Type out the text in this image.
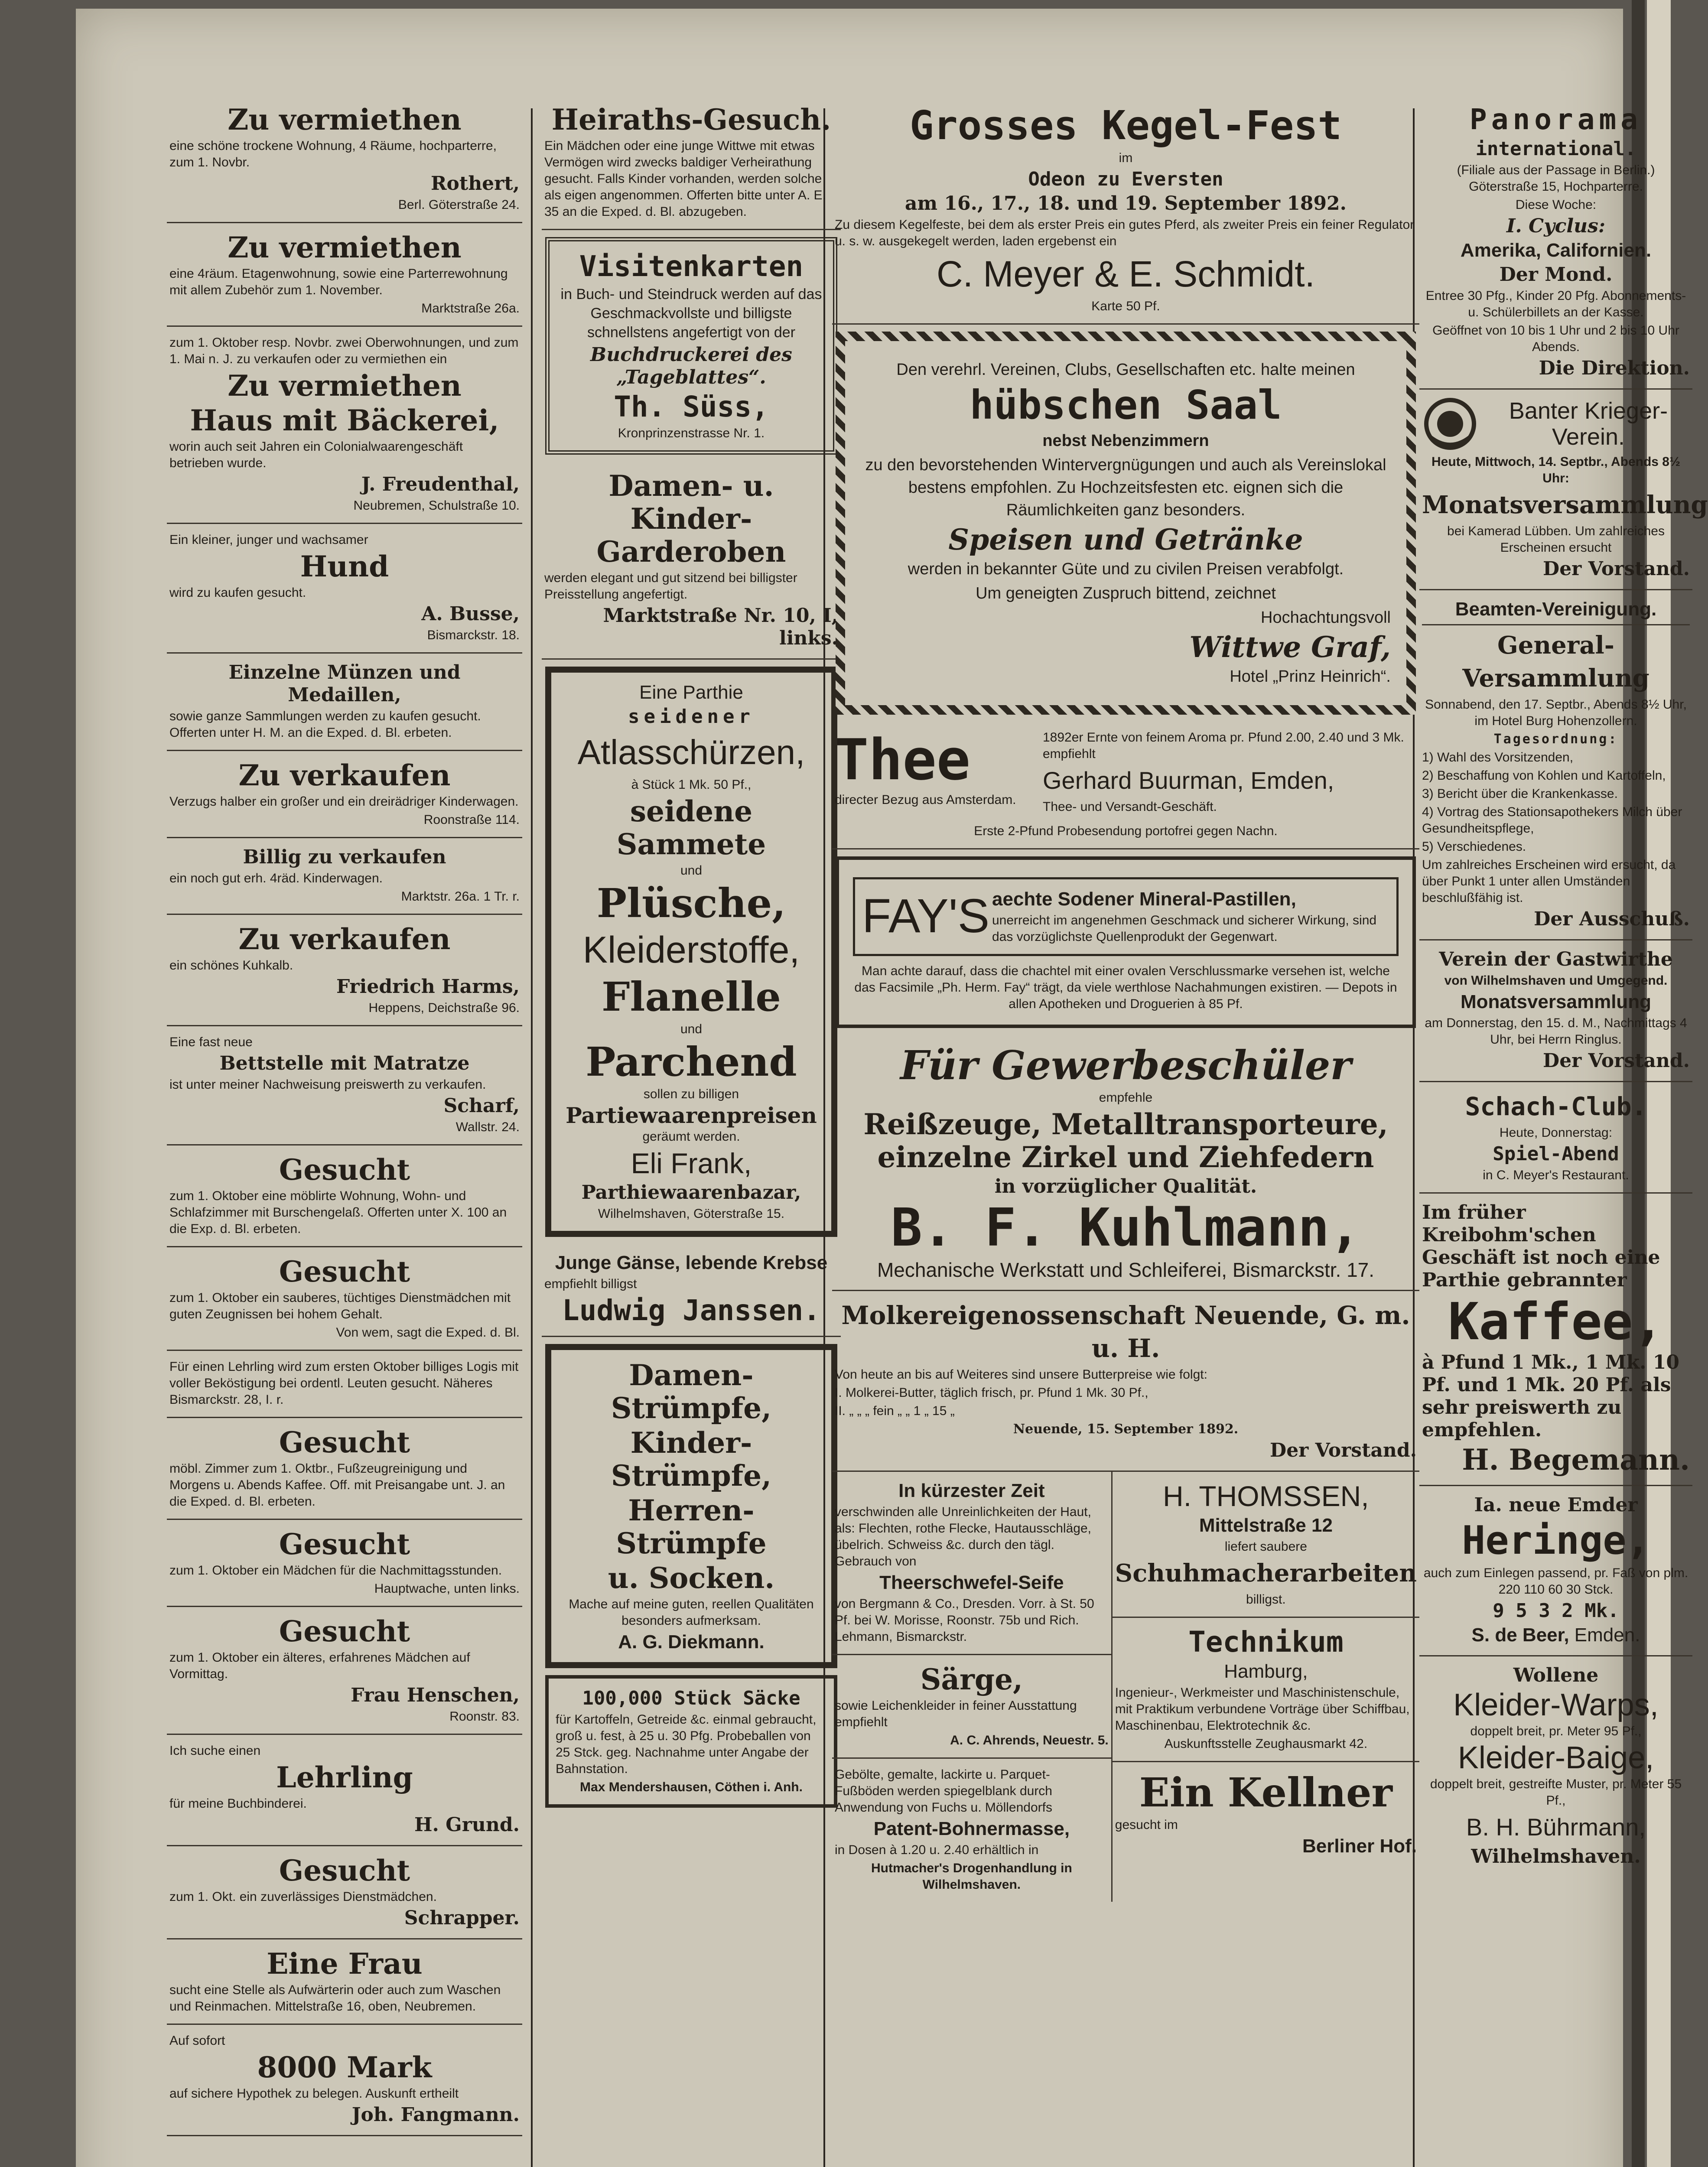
Zu vermiethen

eine schöne trockene Wohnung, 4 Räume, hochparterre, zum 1. Novbr.

Rothert,

Berl. Göterstraße 24.

Zu vermiethen

eine 4räum. Etagenwohnung, sowie eine Parterrewohnung mit allem Zubehör zum 1. November.

Marktstraße 26a.

zum 1. Oktober resp. Novbr. zwei Oberwohnungen, und zum 1. Mai n. J. zu verkaufen oder zu vermiethen ein

Zu vermiethen

Haus mit Bäckerei,

worin auch seit Jahren ein Colonialwaarengeschäft betrieben wurde.

J. Freudenthal,

Neubremen, Schulstraße 10.

Ein kleiner, junger und wachsamer

Hund

wird zu kaufen gesucht.

A. Busse,

Bismarckstr. 18.

Einzelne Münzen und Medaillen,

sowie ganze Sammlungen werden zu kaufen gesucht. Offerten unter H. M. an die Exped. d. Bl. erbeten.

Zu verkaufen

Verzugs halber ein großer und ein dreirädriger Kinderwagen.

Roonstraße 114.

Billig zu verkaufen

ein noch gut erh. 4räd. Kinderwagen.

Marktstr. 26a. 1 Tr. r.

Zu verkaufen

ein schönes Kuhkalb.

Friedrich Harms,

Heppens, Deichstraße 96.

Eine fast neue

Bettstelle mit Matratze

ist unter meiner Nachweisung preiswerth zu verkaufen.

Scharf,

Wallstr. 24.

Gesucht

zum 1. Oktober eine möblirte Wohnung, Wohn- und Schlafzimmer mit Burschengelaß. Offerten unter X. 100 an die Exp. d. Bl. erbeten.

Gesucht

zum 1. Oktober ein sauberes, tüchtiges Dienstmädchen mit guten Zeugnissen bei hohem Gehalt.

Von wem, sagt die Exped. d. Bl.

Für einen Lehrling wird zum ersten Oktober billiges Logis mit voller Beköstigung bei ordentl. Leuten gesucht. Näheres Bismarckstr. 28, I. r.

Gesucht

möbl. Zimmer zum 1. Oktbr., Fußzeugreinigung und Morgens u. Abends Kaffee. Off. mit Preisangabe unt. J. an die Exped. d. Bl. erbeten.

Gesucht

zum 1. Oktober ein Mädchen für die Nachmittagsstunden.

Hauptwache, unten links.

Gesucht

zum 1. Oktober ein älteres, erfahrenes Mädchen auf Vormittag.

Frau Henschen,

Roonstr. 83.

Ich suche einen

Lehrling

für meine Buchbinderei.

H. Grund.

Gesucht

zum 1. Okt. ein zuverlässiges Dienstmädchen.

Schrapper.

Eine Frau

sucht eine Stelle als Aufwärterin oder auch zum Waschen und Reinmachen. Mittelstraße 16, oben, Neubremen.

Auf sofort

8000 Mark

auf sichere Hypothek zu belegen. Auskunft ertheilt

Joh. Fangmann.

Heiraths-Gesuch.

Ein Mädchen oder eine junge Wittwe mit etwas Vermögen wird zwecks baldiger Verheirathung gesucht. Falls Kinder vorhanden, werden solche als eigen angenommen. Offerten bitte unter A. E. 35 an die Exped. d. Bl. abzugeben.

Visitenkarten

in Buch- und Steindruck werden auf das Geschmackvollste und billigste schnellstens angefertigt von der

Buchdruckerei des „Tageblattes“.

Th. Süss,

Kronprinzenstrasse Nr. 1.

Damen- u. Kinder-Garderoben

werden elegant und gut sitzend bei billigster Preisstellung angefertigt.

Marktstraße Nr. 10, I, links.

Eine Parthie

seidener

Atlasschürzen,

à Stück 1 Mk. 50 Pf.,

seidene Sammete

und

Plüsche,

Kleiderstoffe,

Flanelle

und

Parchend

sollen zu billigen

Partiewaarenpreisen

geräumt werden.

Eli Frank,

Parthiewaarenbazar,

Wilhelmshaven, Göterstraße 15.

Junge Gänse, lebende Krebse

empfiehlt billigst

Ludwig Janssen.

Damen-Strümpfe,

Kinder-Strümpfe,

Herren-Strümpfe

u. Socken.

Mache auf meine guten, reellen Qualitäten besonders aufmerksam.

A. G. Diekmann.

100,000 Stück Säcke

für Kartoffeln, Getreide &c. einmal gebraucht, groß u. fest, à 25 u. 30 Pfg. Probeballen von 25 Stck. geg. Nachnahme unter Angabe der Bahnstation.

Max Mendershausen, Cöthen i. Anh.

Grosses Kegel-Fest

im

Odeon zu Eversten

am 16., 17., 18. und 19. September 1892.

Zu diesem Kegelfeste, bei dem als erster Preis ein gutes Pferd, als zweiter Preis ein feiner Regulator u. s. w. ausgekegelt werden, laden ergebenst ein

C. Meyer & E. Schmidt.

Karte 50 Pf.

Den verehrl. Vereinen, Clubs, Gesellschaften etc. halte meinen

hübschen Saal

nebst Nebenzimmern

zu den bevorstehenden Wintervergnügungen und auch als Vereinslokal bestens empfohlen. Zu Hochzeitsfesten etc. eignen sich die Räumlichkeiten ganz besonders.

Speisen und Getränke

werden in bekannter Güte und zu civilen Preisen verabfolgt.

Um geneigten Zuspruch bittend, zeichnet

Hochachtungsvoll

Wittwe Graf,

Hotel „Prinz Heinrich“.

Thee

directer Bezug aus Amsterdam.

1892er Ernte von feinem Aroma pr. Pfund 2.00, 2.40 und 3 Mk. empfiehlt

Gerhard Buurman, Emden,

Thee- und Versandt-Geschäft.

Erste 2-Pfund Probesendung portofrei gegen Nachn.

FAY'S aechte Sodener Mineral-Pastillen,

unerreicht im angenehmen Geschmack und sicherer Wirkung, sind das vorzüglichste Quellenprodukt der Gegenwart.

Man achte darauf, dass die chachtel mit einer ovalen Verschlussmarke versehen ist, welche das Facsimile „Ph. Herm. Fay“ trägt, da viele werthlose Nachahmungen existiren. — Depots in allen Apotheken und Droguerien à 85 Pf.

Für Gewerbeschüler

empfehle

Reißzeuge, Metalltransporteure, einzelne Zirkel und Ziehfedern

in vorzüglicher Qualität.

B. F. Kuhlmann,

Mechanische Werkstatt und Schleiferei, Bismarckstr. 17.

Molkereigenossenschaft Neuende, G. m. u. H.

Von heute an bis auf Weiteres sind unsere Butterpreise wie folgt:

I. Molkerei-Butter, täglich frisch, pr. Pfund 1 Mk. 30 Pf.,

II. „ „ „ fein „ „ 1 „ 15 „

Neuende, 15. September 1892.

Der Vorstand.

In kürzester Zeit

verschwinden alle Unreinlichkeiten der Haut, als: Flechten, rothe Flecke, Hautausschläge, übelrich. Schweiss &c. durch den tägl. Gebrauch von

Theerschwefel-Seife

von Bergmann & Co., Dresden. Vorr. à St. 50 Pf. bei W. Morisse, Roonstr. 75b und Rich. Lehmann, Bismarckstr.

Särge,

sowie Leichenkleider in feiner Ausstattung empfiehlt

A. C. Ahrends, Neuestr. 5.

Gebölte, gemalte, lackirte u. Parquet-Fußböden werden spiegelblank durch Anwendung von Fuchs u. Möllendorfs

Patent-Bohnermasse,

in Dosen à 1.20 u. 2.40 erhältlich in

Hutmacher's Drogenhandlung in Wilhelmshaven.

H. THOMSSEN,

Mittelstraße 12

liefert saubere

Schuhmacherarbeiten

billigst.

Technikum

Hamburg,

Ingenieur-, Werkmeister und Maschinistenschule, mit Praktikum verbundene Vorträge über Schiffbau, Maschinenbau, Elektrotechnik &c.

Auskunftsstelle Zeughausmarkt 42.

Ein Kellner

gesucht im

Berliner Hof.

Panorama

international.

(Filiale aus der Passage in Berlin.) Göterstraße 15, Hochparterre.

Diese Woche:

I. Cyclus:

Amerika, Californien.

Der Mond.

Entree 30 Pfg., Kinder 20 Pfg. Abonnements- u. Schülerbillets an der Kasse.

Geöffnet von 10 bis 1 Uhr und 2 bis 10 Uhr Abends.

Die Direktion.

Banter Krieger-Verein.

Heute, Mittwoch, 14. Septbr., Abends 8½ Uhr:

Monatsversammlung

bei Kamerad Lübben. Um zahlreiches Erscheinen ersucht

Der Vorstand.

Beamten-Vereinigung.

General-Versammlung

Sonnabend, den 17. Septbr., Abends 8½ Uhr, im Hotel Burg Hohenzollern.

Tagesordnung:

1) Wahl des Vorsitzenden,

2) Beschaffung von Kohlen und Kartoffeln,

3) Bericht über die Krankenkasse.

4) Vortrag des Stationsapothekers Milch über Gesundheitspflege,

5) Verschiedenes.

Um zahlreiches Erscheinen wird ersucht, da über Punkt 1 unter allen Umständen beschlußfähig ist.

Der Ausschuß.

Verein der Gastwirthe

von Wilhelmshaven und Umgegend.

Monatsversammlung

am Donnerstag, den 15. d. M., Nachmittags 4 Uhr, bei Herrn Ringlus.

Der Vorstand.

Schach-Club.

Heute, Donnerstag:

Spiel-Abend

in C. Meyer's Restaurant.

Im früher Kreibohm'schen Geschäft ist noch eine Parthie gebrannter

Kaffee,

à Pfund 1 Mk., 1 Mk. 10 Pf. und 1 Mk. 20 Pf. als sehr preiswerth zu empfehlen.

H. Begemann.

Ia. neue Emder

Heringe,

auch zum Einlegen passend, pr. Faß von plm. 220 110 60 30 Stck.

9 5 3 2 Mk.

S. de Beer, Emden.

Wollene

Kleider-Warps,

doppelt breit, pr. Meter 95 Pf.,

Kleider-Baige,

doppelt breit, gestreifte Muster, pr. Meter 55 Pf.,

B. H. Bührmann,

Wilhelmshaven.
